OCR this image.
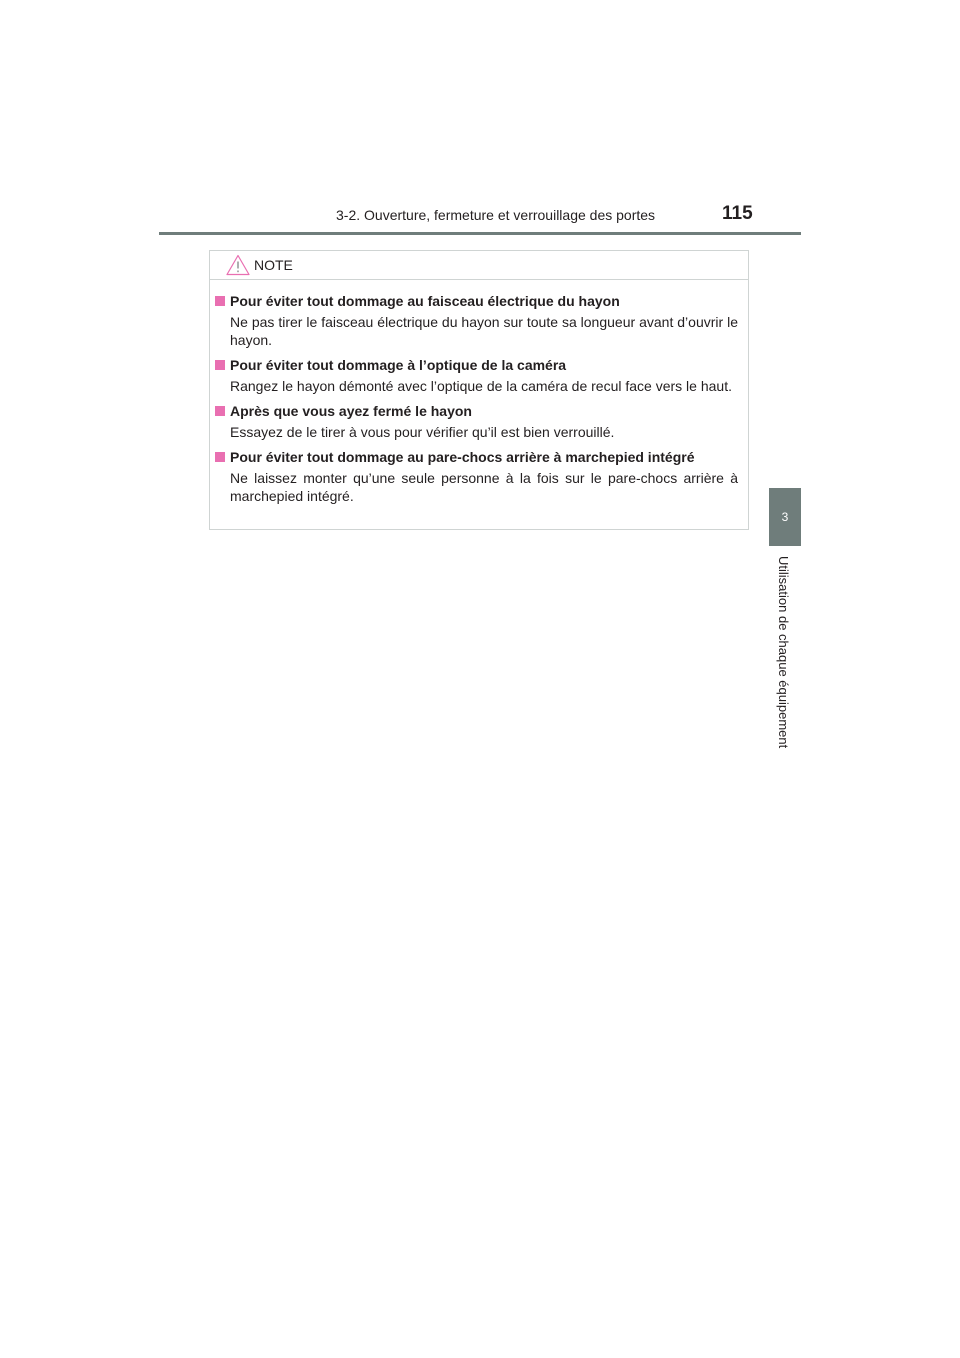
3-2. Ouverture, fermeture et verrouillage des portes	115
3
Utilisation de chaque équipement
NOTE
Pour éviter tout dommage au faisceau électrique du hayon
Ne pas tirer le faisceau électrique du hayon sur toute sa longueur avant d’ouvrir le hayon.
Pour éviter tout dommage à l’optique de la caméra
Rangez le hayon démonté avec l’optique de la caméra de recul face vers le haut.
Après que vous ayez fermé le hayon
Essayez de le tirer à vous pour vérifier qu’il est bien verrouillé.
Pour éviter tout dommage au pare-chocs arrière à marchepied intégré
Ne laissez monter qu’une seule personne à la fois sur le pare-chocs arrière à marchepied intégré.
